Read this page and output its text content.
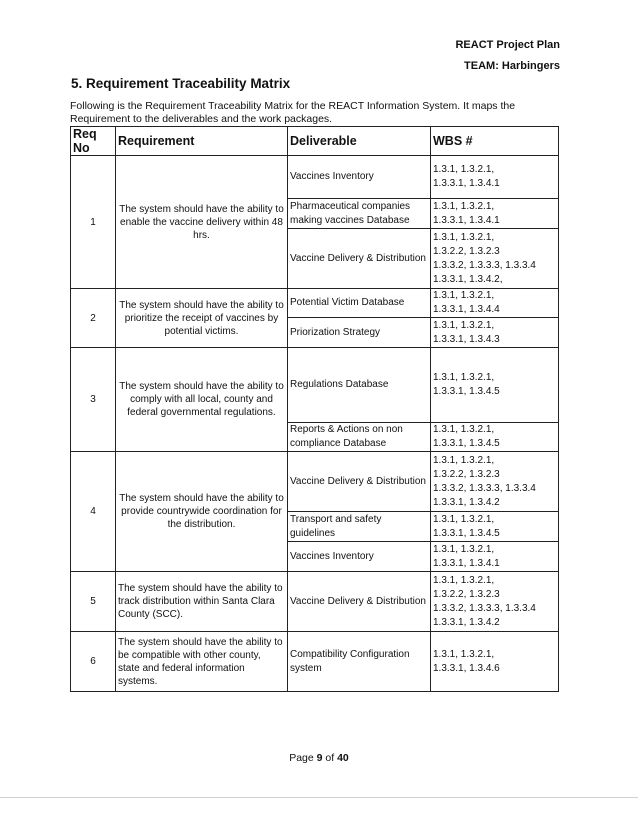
REACT Project Plan
TEAM: Harbingers
5. Requirement Traceability Matrix
Following is the Requirement Traceability Matrix for the REACT Information System. It maps the Requirement to the deliverables and the work packages.
Req No	Requirement	Deliverable	WBS #
1	The system should have the ability to enable the vaccine delivery within 48 hrs.	Vaccines Inventory	1.3.1, 1.3.2.1,
1.3.3.1, 1.3.4.1

		Pharmaceutical companies making vaccines Database	1.3.1, 1.3.2.1,
1.3.3.1, 1.3.4.1

		Vaccine Delivery & Distribution	1.3.1, 1.3.2.1,
1.3.2.2, 1.3.2.3
1.3.3.2, 1.3.3.3, 1.3.3.4
1.3.3.1, 1.3.4.2,

2	The system should have the ability to prioritize the receipt of vaccines by potential victims.	Potential Victim Database	1.3.1, 1.3.2.1,
1.3.3.1, 1.3.4.4

		Priorization Strategy	1.3.1, 1.3.2.1,
1.3.3.1, 1.3.4.3

3	The system should have the ability to comply with all local, county and federal governmental regulations.	Regulations Database	1.3.1, 1.3.2.1,
1.3.3.1, 1.3.4.5

		Reports & Actions on non compliance Database	1.3.1, 1.3.2.1,
1.3.3.1, 1.3.4.5

4	The system should have the ability to provide countrywide coordination for the distribution.	Vaccine Delivery & Distribution	1.3.1, 1.3.2.1,
1.3.2.2, 1.3.2.3
1.3.3.2, 1.3.3.3, 1.3.3.4
1.3.3.1, 1.3.4.2

		Transport and safety guidelines	1.3.1, 1.3.2.1,
1.3.3.1, 1.3.4.5

		Vaccines Inventory	1.3.1, 1.3.2.1,
1.3.3.1, 1.3.4.1

5	The system should have the ability to track distribution within Santa Clara County (SCC).	Vaccine Delivery & Distribution	1.3.1, 1.3.2.1,
1.3.2.2, 1.3.2.3
1.3.3.2, 1.3.3.3, 1.3.3.4
1.3.3.1, 1.3.4.2

6	The system should have the ability to be compatible with other county, state and federal information systems.	Compatibility Configuration system	1.3.1, 1.3.2.1,
1.3.3.1, 1.3.4.6
Page 9 of 40
